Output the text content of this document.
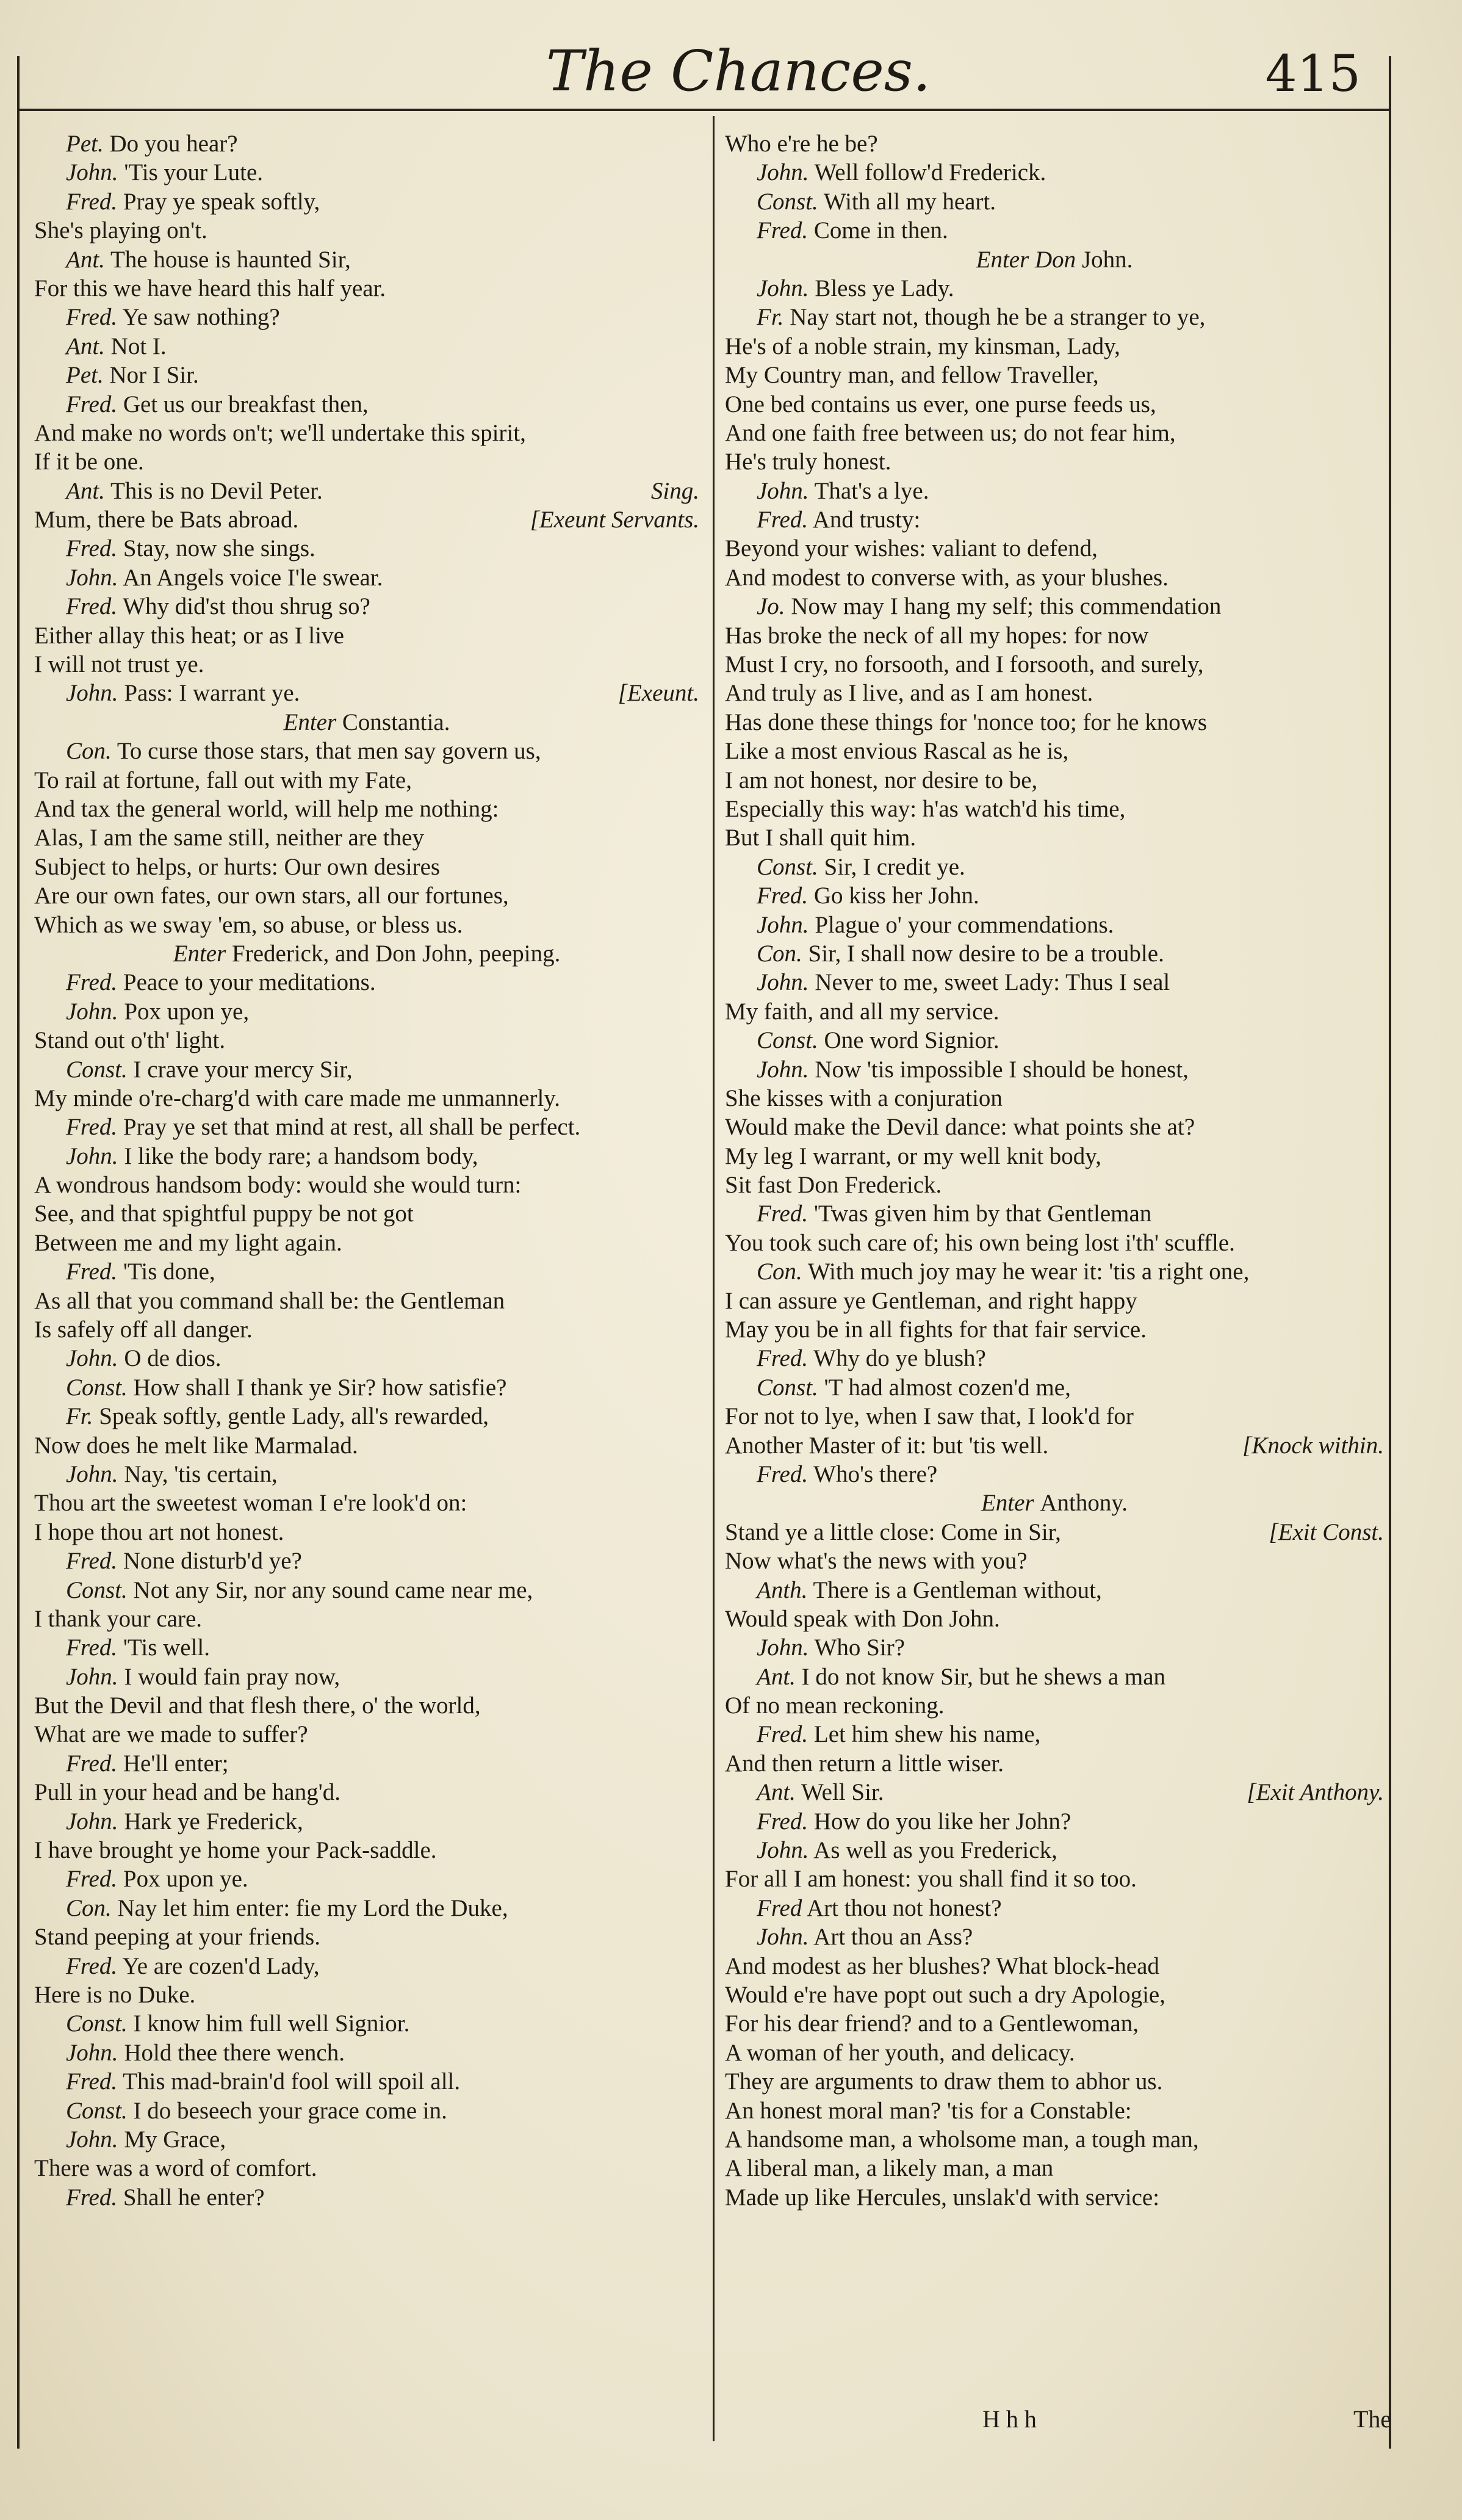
The Chances.	415
Pet. Do you hear?
John. 'Tis your Lute.
Fred. Pray ye speak softly,
She's playing on't.
Ant. The house is haunted Sir,
For this we have heard this half year.
Fred. Ye saw nothing?
Ant. Not I.
Pet. Nor I Sir.
Fred. Get us our breakfast then,
And make no words on't; we'll undertake this spirit,
If it be one.
Ant. This is no Devil Peter.	Sing.
Mum, there be Bats abroad.	[Exeunt Servants.
Fred. Stay, now she sings.
John. An Angels voice I'le swear.
Fred. Why did'st thou shrug so?
Either allay this heat; or as I live
I will not trust ye.
John. Pass: I warrant ye.	[Exeunt.
Enter Constantia.
Con. To curse those stars, that men say govern us,
To rail at fortune, fall out with my Fate,
And tax the general world, will help me nothing:
Alas, I am the same still, neither are they
Subject to helps, or hurts: Our own desires
Are our own fates, our own stars, all our fortunes,
Which as we sway 'em, so abuse, or bless us.
Enter Frederick, and Don John, peeping.
Fred. Peace to your meditations.
John. Pox upon ye,
Stand out o'th' light.
Const. I crave your mercy Sir,
My minde o're-charg'd with care made me unmannerly.
Fred. Pray ye set that mind at rest, all shall be perfect.
John. I like the body rare; a handsom body,
A wondrous handsom body: would she would turn:
See, and that spightful puppy be not got
Between me and my light again.
Fred. 'Tis done,
As all that you command shall be: the Gentleman
Is safely off all danger.
John. O de dios.
Const. How shall I thank ye Sir? how satisfie?
Fr. Speak softly, gentle Lady, all's rewarded,
Now does he melt like Marmalad.
John. Nay, 'tis certain,
Thou art the sweetest woman I e're look'd on:
I hope thou art not honest.
Fred. None disturb'd ye?
Const. Not any Sir, nor any sound came near me,
I thank your care.
Fred. 'Tis well.
John. I would fain pray now,
But the Devil and that flesh there, o' the world,
What are we made to suffer?
Fred. He'll enter;
Pull in your head and be hang'd.
John. Hark ye Frederick,
I have brought ye home your Pack-saddle.
Fred. Pox upon ye.
Con. Nay let him enter: fie my Lord the Duke,
Stand peeping at your friends.
Fred. Ye are cozen'd Lady,
Here is no Duke.
Const. I know him full well Signior.
John. Hold thee there wench.
Fred. This mad-brain'd fool will spoil all.
Const. I do beseech your grace come in.
John. My Grace,
There was a word of comfort.
Fred. Shall he enter?
Who e're he be?
John. Well follow'd Frederick.
Const. With all my heart.
Fred. Come in then.
Enter Don John.
John. Bless ye Lady.
Fr. Nay start not, though he be a stranger to ye,
He's of a noble strain, my kinsman, Lady,
My Country man, and fellow Traveller,
One bed contains us ever, one purse feeds us,
And one faith free between us; do not fear him,
He's truly honest.
John. That's a lye.
Fred. And trusty:
Beyond your wishes: valiant to defend,
And modest to converse with, as your blushes.
Jo. Now may I hang my self; this commendation
Has broke the neck of all my hopes: for now
Must I cry, no forsooth, and I forsooth, and surely,
And truly as I live, and as I am honest.
Has done these things for 'nonce too; for he knows
Like a most envious Rascal as he is,
I am not honest, nor desire to be,
Especially this way: h'as watch'd his time,
But I shall quit him.
Const. Sir, I credit ye.
Fred. Go kiss her John.
John. Plague o' your commendations.
Con. Sir, I shall now desire to be a trouble.
John. Never to me, sweet Lady: Thus I seal
My faith, and all my service.
Const. One word Signior.
John. Now 'tis impossible I should be honest,
She kisses with a conjuration
Would make the Devil dance: what points she at?
My leg I warrant, or my well knit body,
Sit fast Don Frederick.
Fred. 'Twas given him by that Gentleman
You took such care of; his own being lost i'th' scuffle.
Con. With much joy may he wear it: 'tis a right one,
I can assure ye Gentleman, and right happy
May you be in all fights for that fair service.
Fred. Why do ye blush?
Const. 'T had almost cozen'd me,
For not to lye, when I saw that, I look'd for
Another Master of it: but 'tis well.	[Knock within.
Fred. Who's there?
Enter Anthony.
Stand ye a little close: Come in Sir,	[Exit Const.
Now what's the news with you?
Anth. There is a Gentleman without,
Would speak with Don John.
John. Who Sir?
Ant. I do not know Sir, but he shews a man
Of no mean reckoning.
Fred. Let him shew his name,
And then return a little wiser.
Ant. Well Sir.	[Exit Anthony.
Fred. How do you like her John?
John. As well as you Frederick,
For all I am honest: you shall find it so too.
Fred Art thou not honest?
John. Art thou an Ass?
And modest as her blushes? What block-head
Would e're have popt out such a dry Apologie,
For his dear friend? and to a Gentlewoman,
A woman of her youth, and delicacy.
They are arguments to draw them to abhor us.
An honest moral man? 'tis for a Constable:
A handsome man, a wholsome man, a tough man,
A liberal man, a likely man, a man
Made up like Hercules, unslak'd with service:
H h h	The
